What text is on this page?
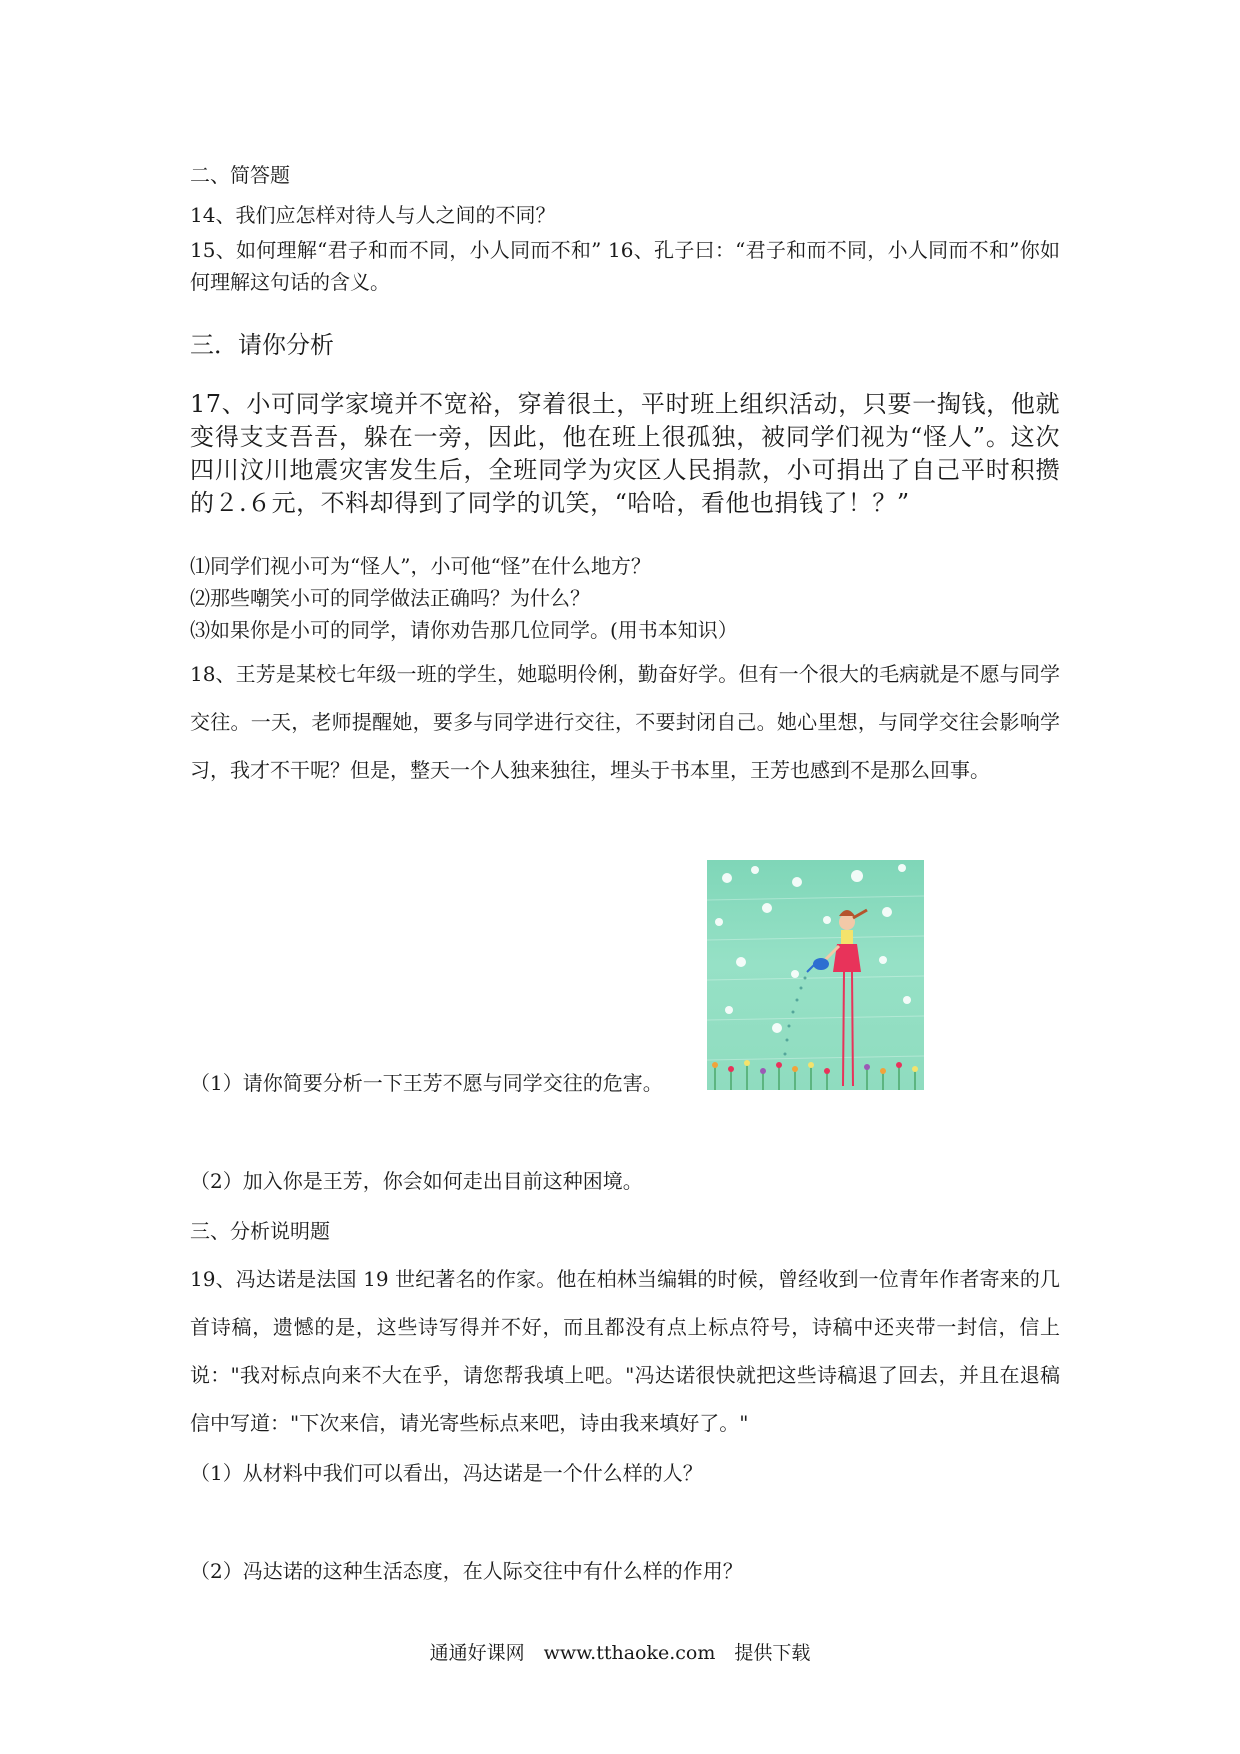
二、简答题
14、我们应怎样对待人与人之间的不同？
15、如何理解“君子和而不同，小人同而不和” 16、孔子曰：“君子和而不同，小人同而不和”你如何理解这句话的含义。
三．请你分析
17、小可同学家境并不宽裕，穿着很土，平时班上组织活动，只要一掏钱，他就变得支支吾吾，躲在一旁，因此，他在班上很孤独，被同学们视为“怪人”。这次四川汶川地震灾害发生后，全班同学为灾区人民捐款，小可捐出了自己平时积攒的２.６元，不料却得到了同学的讥笑，“哈哈，看他也捐钱了！？”
⑴同学们视小可为“怪人”，小可他“怪”在什么地方？
⑵那些嘲笑小可的同学做法正确吗？为什么？
⑶如果你是小可的同学，请你劝告那几位同学。(用书本知识）
18、王芳是某校七年级一班的学生，她聪明伶俐，勤奋好学。但有一个很大的毛病就是不愿与同学交往。一天，老师提醒她，要多与同学进行交往，不要封闭自己。她心里想，与同学交往会影响学习，我才不干呢？但是，整天一个人独来独往，埋头于书本里，王芳也感到不是那么回事。
（1）请你简要分析一下王芳不愿与同学交往的危害。
（2）加入你是王芳，你会如何走出目前这种困境。
三、分析说明题
19、冯达诺是法国 19 世纪著名的作家。他在柏林当编辑的时候，曾经收到一位青年作者寄来的几首诗稿，遗憾的是，这些诗写得并不好，而且都没有点上标点符号，诗稿中还夹带一封信，信上说："我对标点向来不大在乎，请您帮我填上吧。"冯达诺很快就把这些诗稿退了回去，并且在退稿信中写道："下次来信，请光寄些标点来吧，诗由我来填好了。"
（1）从材料中我们可以看出，冯达诺是一个什么样的人？
（2）冯达诺的这种生活态度，在人际交往中有什么样的作用？
通通好课网　www.tthaoke.com　提供下载
